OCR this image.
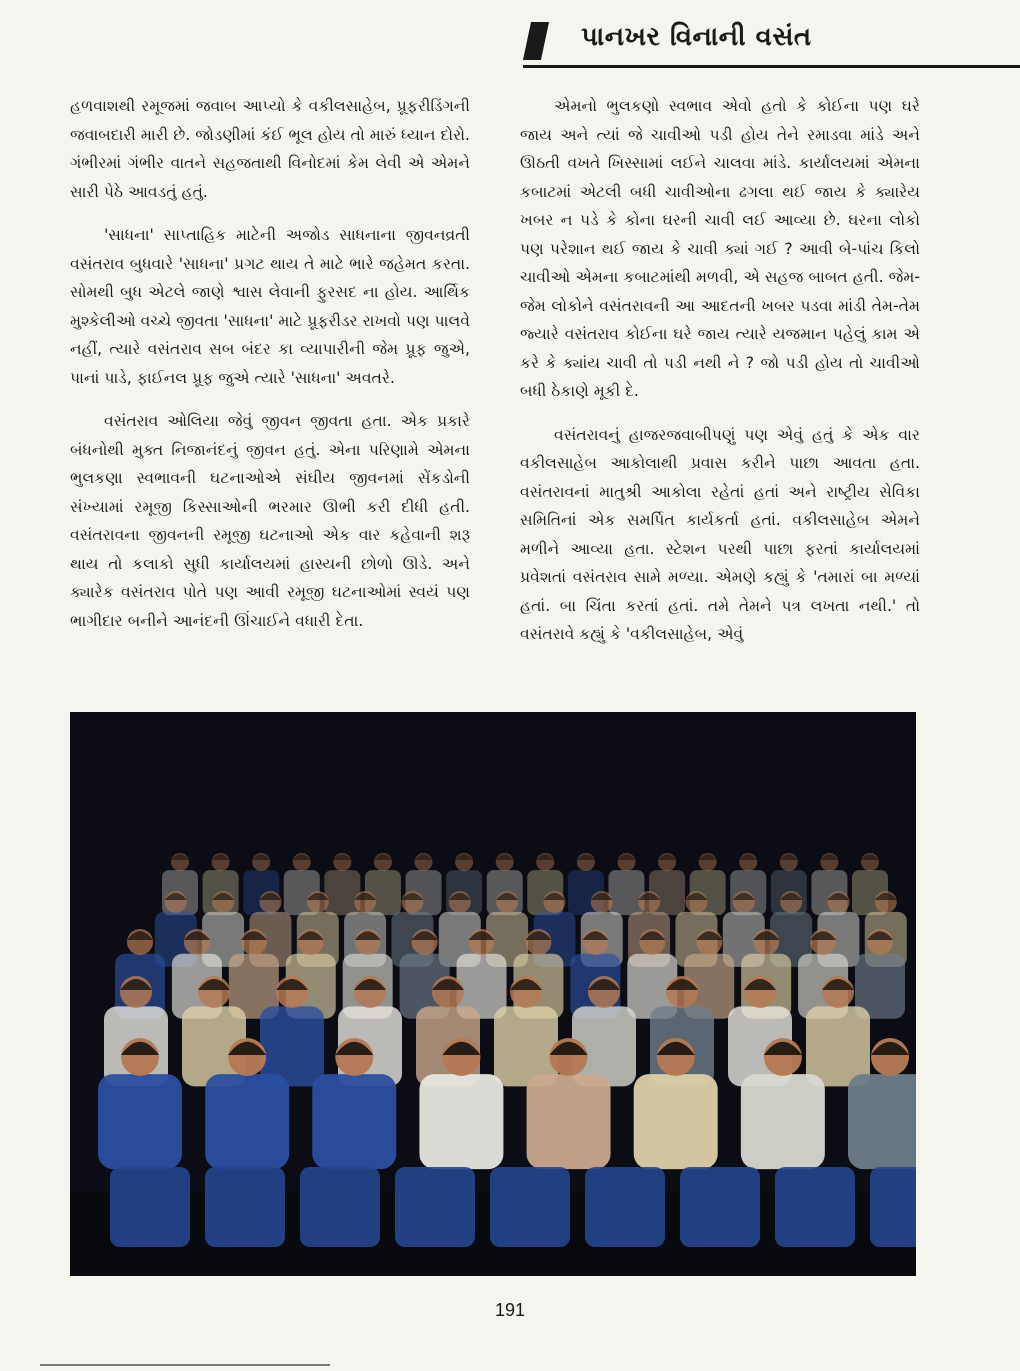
પાનખર વિનાની વસંત

હળવાશથી રમૂજમાં જવાબ આપ્યો કે વકીલસાહેબ, પ્રૂફરીડિંગની જવાબદારી મારી છે. જોડણીમાં કંઈ ભૂલ હોય તો મારું ધ્યાન દોરો. ગંભીરમાં ગંભીર વાતને સહજતાથી વિનોદમાં કેમ લેવી એ એમને સારી પેઠે આવડતું હતું.

'સાધના' સાપ્તાહિક માટેની અજોડ સાધનાના જીવનવ્રતી વસંતરાવ બુધવારે 'સાધના' પ્રગટ થાય તે માટે ભારે જહેમત કરતા. સોમથી બુધ એટલે જાણે શ્વાસ લેવાની ફુરસદ ના હોય. આર્થિક મુશ્કેલીઓ વચ્ચે જીવતા 'સાધના' માટે પ્રૂફરીડર રાખવો પણ પાલવે નહીં, ત્યારે વસંતરાવ સબ બંદર કા વ્યાપારીની જેમ પ્રૂફ જુએ, પાનાં પાડે, ફાઈનલ પ્રૂફ જુએ ત્યારે 'સાધના' અવતરે.

વસંતરાવ ઓલિયા જેવું જીવન જીવતા હતા. એક પ્રકારે બંધનોથી મુક્ત નિજાનંદનું જીવન હતું. એના પરિણામે એમના ભુલકણા સ્વભાવની ઘટનાઓએ સંઘીય જીવનમાં સેંકડોની સંખ્યામાં રમૂજી કિસ્સાઓની ભરમાર ઊભી કરી દીધી હતી. વસંતરાવના જીવનની રમૂજી ઘટનાઓ એક વાર કહેવાની શરૂ થાય તો કલાકો સુધી કાર્યાલયમાં હાસ્યની છોળો ઊડે. અને ક્યારેક વસંતરાવ પોતે પણ આવી રમૂજી ઘટનાઓમાં સ્વયં પણ ભાગીદાર બનીને આનંદની ઊંચાઈને વધારી દેતા.

એમનો ભુલકણો સ્વભાવ એવો હતો કે કોઈના પણ ઘરે જાય અને ત્યાં જે ચાવીઓ પડી હોય તેને રમાડવા માંડે અને ઊઠતી વખતે ખિસ્સામાં લઈને ચાલવા માંડે. કાર્યાલયમાં એમના કબાટમાં એટલી બધી ચાવીઓના ઢગલા થઈ જાય કે ક્યારેય ખબર ન પડે કે કોના ઘરની ચાવી લઈ આવ્યા છે. ઘરના લોકો પણ પરેશાન થઈ જાય કે ચાવી ક્યાં ગઈ ? આવી બે-પાંચ કિલો ચાવીઓ એમના કબાટમાંથી મળવી, એ સહજ બાબત હતી. જેમ-જેમ લોકોને વસંતરાવની આ આદતની ખબર પડવા માંડી તેમ-તેમ જ્યારે વસંતરાવ કોઈના ઘરે જાય ત્યારે યજમાન પહેલું કામ એ કરે કે ક્યાંય ચાવી તો પડી નથી ને ? જો પડી હોય તો ચાવીઓ બધી ઠેકાણે મૂકી દે.

વસંતરાવનું હાજરજવાબીપણું પણ એવું હતું કે એક વાર વકીલસાહેબ આકોલાથી પ્રવાસ કરીને પાછા આવતા હતા. વસંતરાવનાં માતુશ્રી આકોલા રહેતાં હતાં અને રાષ્ટ્રીય સેવિકા સમિતિનાં એક સમર્પિત કાર્યકર્તા હતાં. વકીલસાહેબ એમને મળીને આવ્યા હતા. સ્ટેશન પરથી પાછા ફરતાં કાર્યાલયમાં પ્રવેશતાં વસંતરાવ સામે મળ્યા. એમણે કહ્યું કે 'તમારાં બા મળ્યાં હતાં. બા ચિંતા કરતાં હતાં. તમે તેમને પત્ર લખતા નથી.' તો વસંતરાવે કહ્યું કે 'વકીલસાહેબ, એવું

191
